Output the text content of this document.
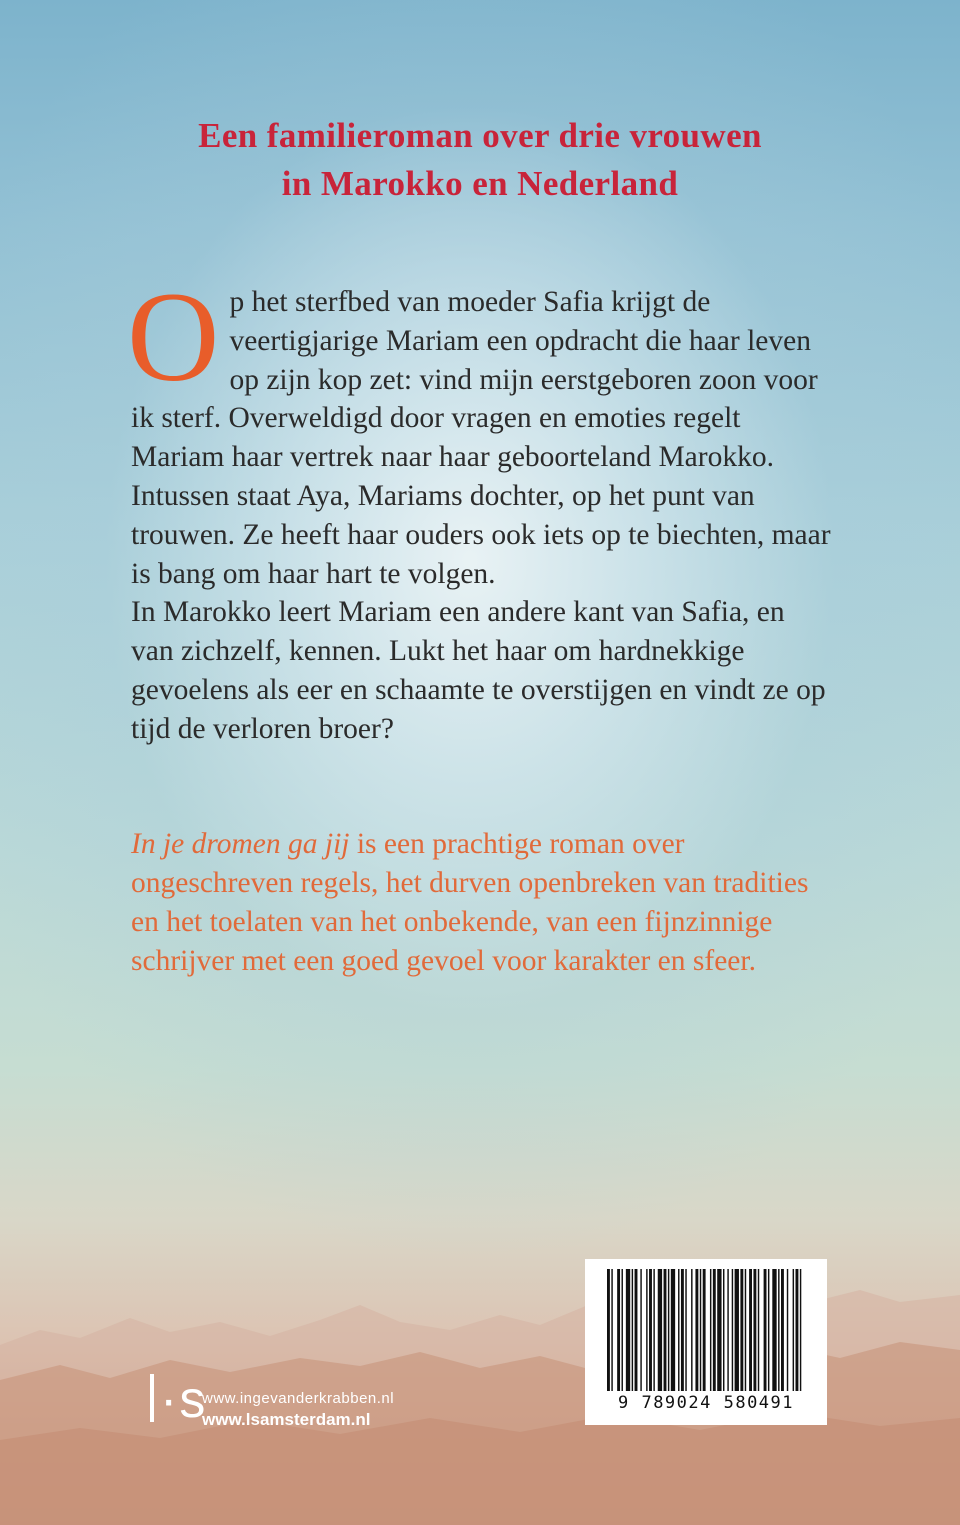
Een familieroman over drie vrouwen
in Marokko en Nederland

Op het sterfbed van moeder Safia krijgt de veertigjarige Mariam een opdracht die haar leven op zijn kop zet: vind mijn eerstgeboren zoon voor ik sterf. Overweldigd door vragen en emoties regelt Mariam haar vertrek naar haar geboorteland Marokko.

Intussen staat Aya, Mariams dochter, op het punt van trouwen. Ze heeft haar ouders ook iets op te biechten, maar is bang om haar hart te volgen.

In Marokko leert Mariam een andere kant van Safia, en van zichzelf, kennen. Lukt het haar om hardnekkige gevoelens als eer en schaamte te overstijgen en vindt ze op tijd de verloren broer?

In je dromen ga jij is een prachtige roman over ongeschreven regels, het durven openbreken van tradities en het toelaten van het onbekende, van een fijnzinnige schrijver met een goed gevoel voor karakter en sfeer.

·s
www.ingevanderkrabben.nl
www.lsamsterdam.nl
9 789024 580491
